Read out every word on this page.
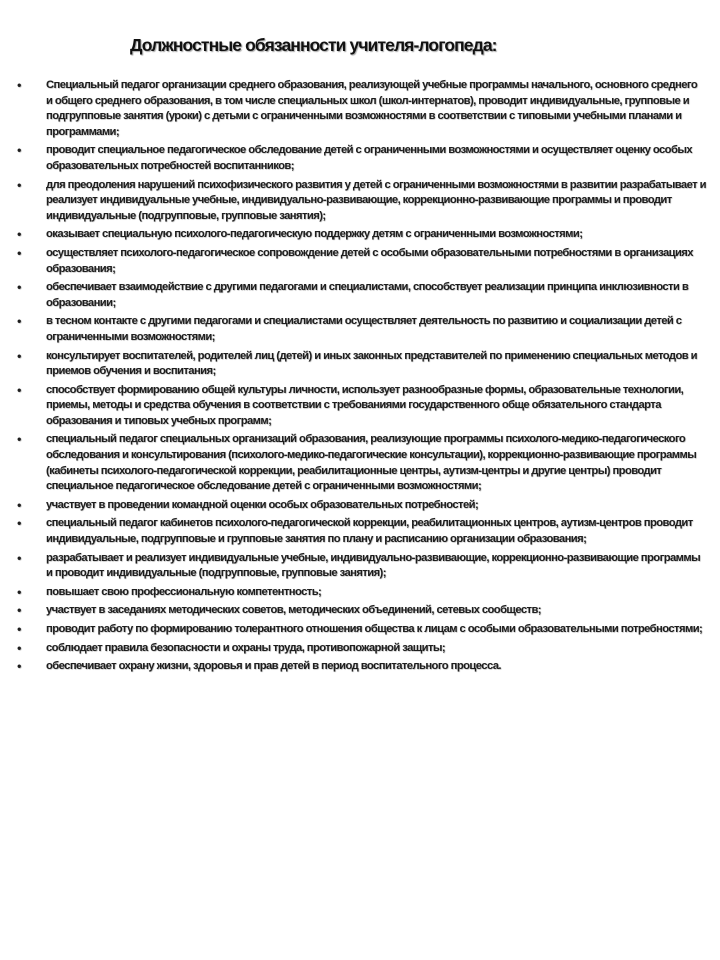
Должностные обязанности учителя-логопеда:
•	Специальный педагог организации среднего образования, реализующей учебные программы начального, основного среднего и общего среднего образования, в том числе специальных школ (школ-интернатов), проводит индивидуальные, групповые и подгрупповые занятия (уроки) с детьми с ограниченными возможностями в соответствии с типовыми учебными планами и программами;
•	проводит специальное педагогическое обследование детей с ограниченными возможностями и осуществляет оценку особых образовательных потребностей воспитанников;
•	для преодоления нарушений психофизического развития у детей с ограниченными возможностями в развитии разрабатывает и реализует индивидуальные учебные, индивидуально-развивающие, коррекционно-развивающие программы и проводит индивидуальные (подгрупповые, групповые занятия);
•	оказывает специальную психолого-педагогическую поддержку детям с ограниченными возможностями;
•	осуществляет психолого-педагогическое сопровождение детей с особыми образовательными потребностями в организациях образования;
•	обеспечивает взаимодействие с другими педагогами и специалистами, способствует реализации принципа инклюзивности в образовании;
•	в тесном контакте с другими педагогами и специалистами осуществляет деятельность по развитию и социализации детей с ограниченными возможностями;
•	консультирует воспитателей, родителей лиц (детей) и иных законных представителей по применению специальных методов и приемов обучения и воспитания;
•	способствует формированию общей культуры личности, использует разнообразные формы, образовательные технологии, приемы, методы и средства обучения в соответствии с требованиями государственного обще обязательного стандарта образования и типовых учебных программ;
•	специальный педагог специальных организаций образования, реализующие программы психолого-медико-педагогического обследования и консультирования (психолого-медико-педагогические консультации), коррекционно-развивающие программы (кабинеты психолого-педагогической коррекции, реабилитационные центры, аутизм-центры и другие центры) проводит специальное педагогическое обследование детей с ограниченными возможностями;
•	участвует в проведении командной оценки особых образовательных потребностей;
•	специальный педагог кабинетов психолого-педагогической коррекции, реабилитационных центров, аутизм-центров проводит индивидуальные, подгрупповые и групповые занятия по плану и расписанию организации образования;
•	разрабатывает и реализует индивидуальные учебные, индивидуально-развивающие, коррекционно-развивающие программы и проводит индивидуальные (подгрупповые, групповые занятия);
•	повышает свою профессиональную компетентность;
•	участвует в заседаниях методических советов, методических объединений, сетевых сообществ;
•	проводит работу по формированию толерантного отношения общества к лицам с особыми образовательными потребностями;
•	соблюдает правила безопасности и охраны труда, противопожарной защиты;
•	обеспечивает охрану жизни, здоровья и прав детей в период воспитательного процесса.
